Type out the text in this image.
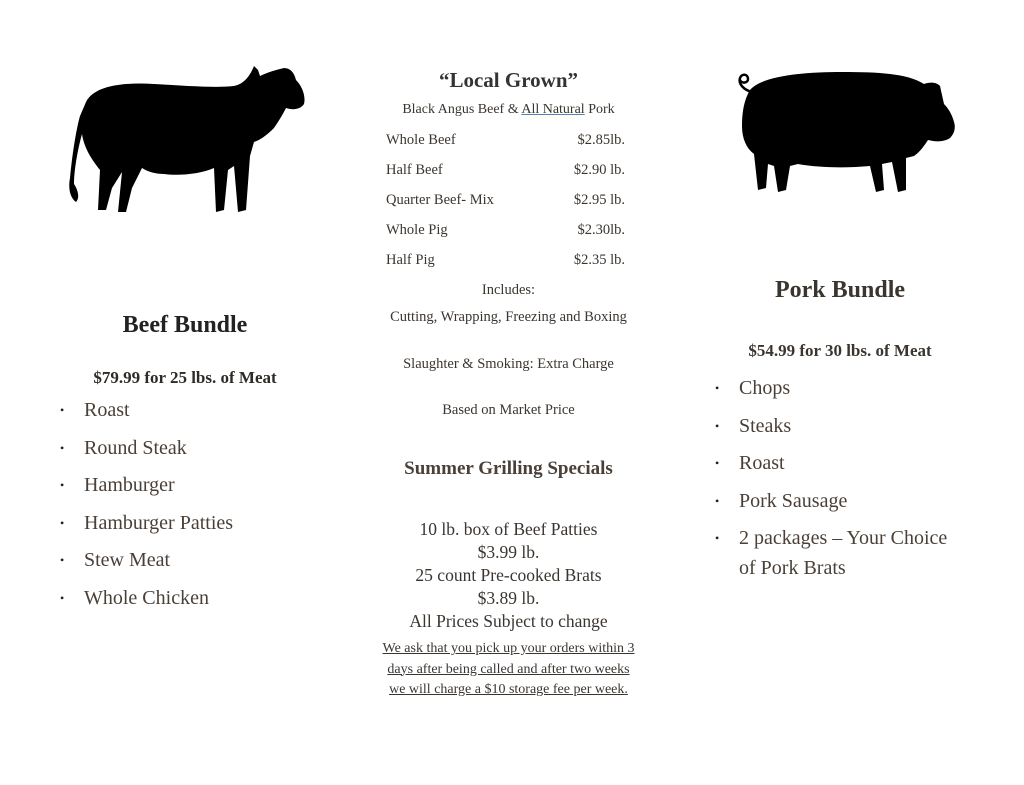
Beef Bundle
$79.99 for 25 lbs. of Meat
• Roast
• Round Steak
• Hamburger
• Hamburger Patties
• Stew Meat
• Whole Chicken
“Local Grown”
Black Angus Beef & All Natural Pork
Whole Beef	$2.85lb.
Half Beef	$2.90 lb.
Quarter Beef- Mix	$2.95 lb.
Whole Pig	$2.30lb.
Half Pig	$2.35 lb.
Includes:
Cutting, Wrapping, Freezing and Boxing
Slaughter & Smoking: Extra Charge
Based on Market Price
Summer Grilling Specials
10 lb. box of Beef Patties
$3.99 lb.
25 count Pre-cooked Brats
$3.89 lb.
All Prices Subject to change
We ask that you pick up your orders within 3 days after being called and after two weeks we will charge a $10 storage fee per week.
Pork Bundle
$54.99 for 30 lbs. of Meat
• Chops
• Steaks
• Roast
• Pork Sausage
• 2 packages – Your Choice of Pork Brats
